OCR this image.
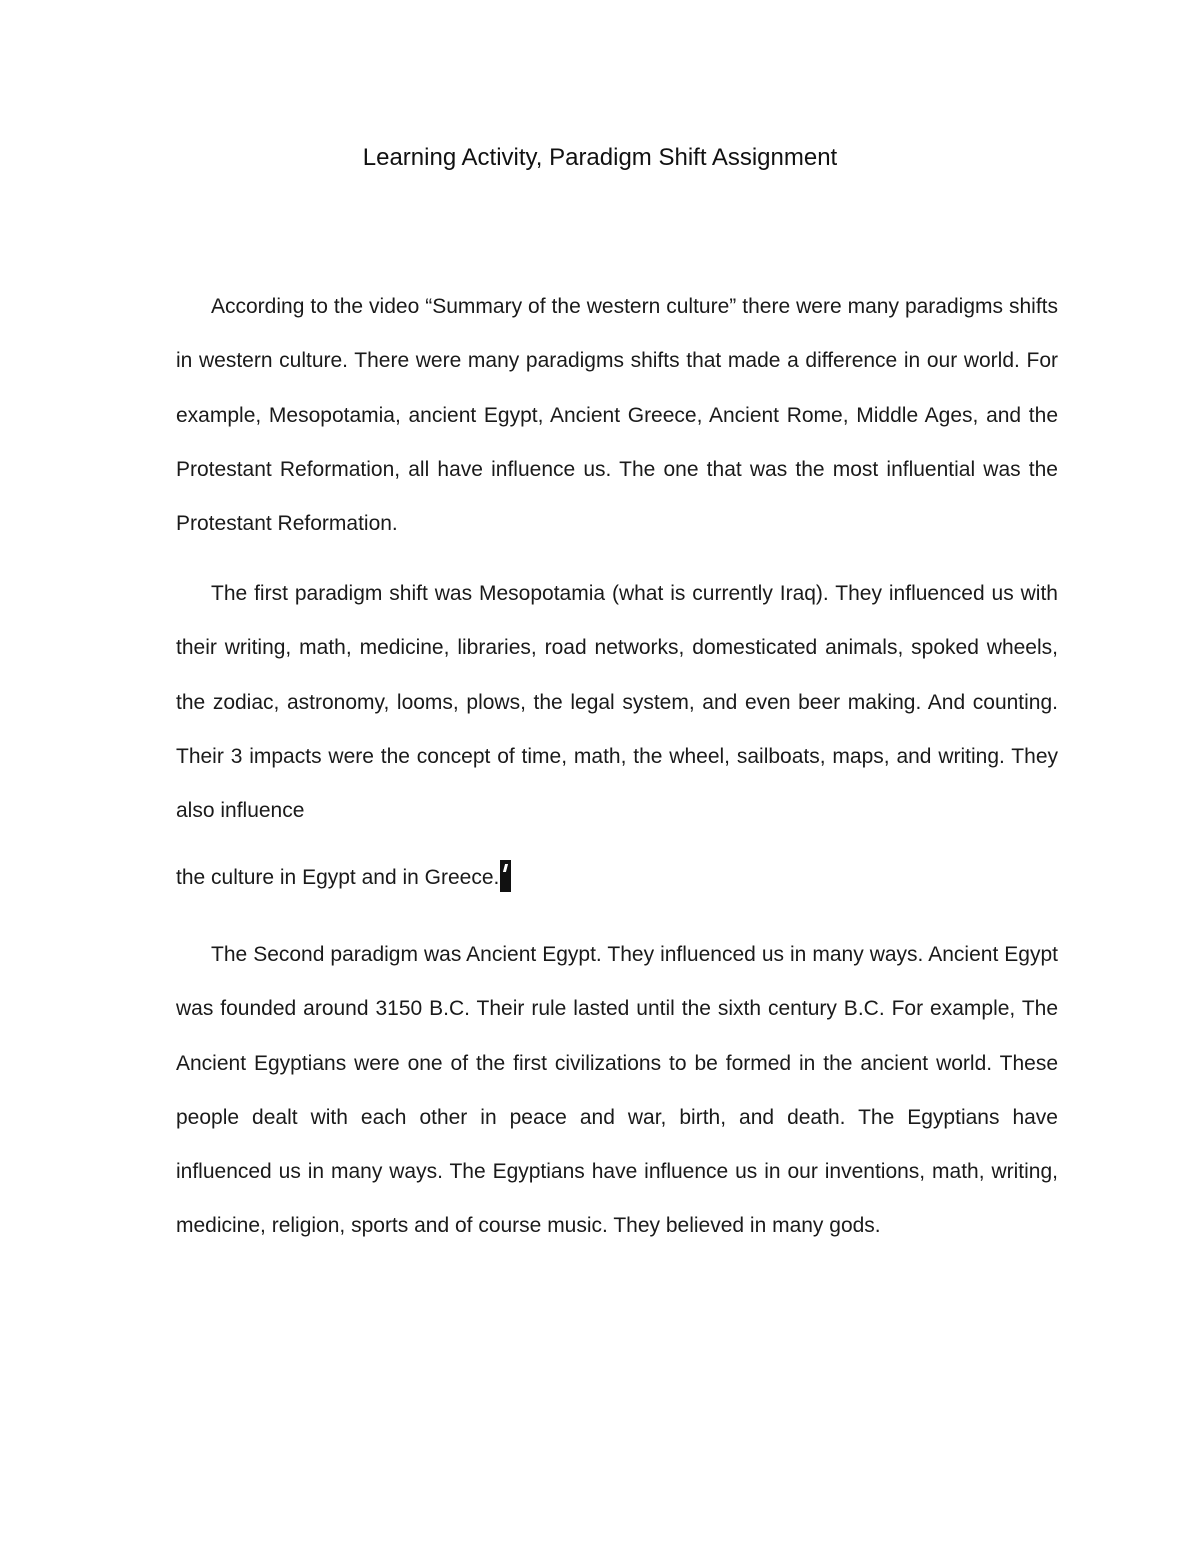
Learning Activity, Paradigm Shift Assignment

According to the video “Summary of the western culture” there were many paradigms shifts in western culture. There were many paradigms shifts that made a difference in our world. For example, Mesopotamia, ancient Egypt, Ancient Greece, Ancient Rome, Middle Ages, and the Protestant Reformation, all have influence us. The one that was the most influential was the Protestant Reformation.

The first paradigm shift was Mesopotamia (what is currently Iraq). They influenced us with their writing, math, medicine, libraries, road networks, domesticated animals, spoked wheels, the zodiac, astronomy, looms, plows, the legal system, and even beer making. And counting. Their 3 impacts were the concept of time, math, the wheel, sailboats, maps, and writing. They also influence

the culture in Egypt and in Greece.

The Second paradigm was Ancient Egypt. They influenced us in many ways. Ancient Egypt was founded around 3150 B.C. Their rule lasted until the sixth century B.C. For example, The Ancient Egyptians were one of the first civilizations to be formed in the ancient world. These people dealt with each other in peace and war, birth, and death. The Egyptians have influenced us in many ways. The Egyptians have influence us in our inventions, math, writing, medicine, religion, sports and of course music. They believed in many gods.
